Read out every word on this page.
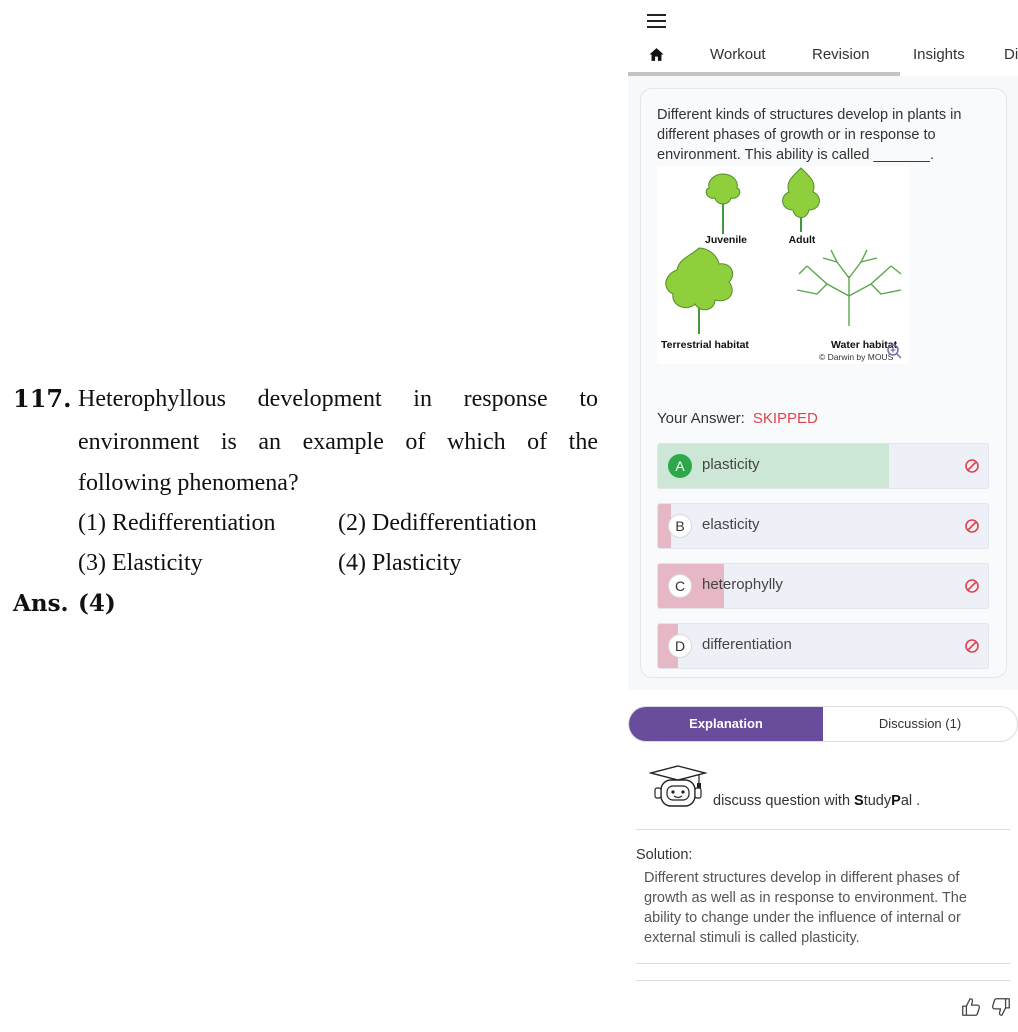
117. Heterophyllous development in response to
environment is an example of which of the
following phenomena?
(1) Redifferentiation	(2) Dedifferentiation
(3) Elasticity	(4) Plasticity
Ans. (4)
Workout	Revision	Insights	Di
Different kinds of structures develop in plants in different phases of growth or in response to environment. This ability is called _______.
Juvenile	Adult
Terrestrial habitat	Water habitat
© Darwin by MOUS
Your Answer: SKIPPED
A	plasticity
B	elasticity
C	heterophylly
D	differentiation
Explanation	Discussion (1)
discuss question with StudyPal .
Solution:
Different structures develop in different phases of growth as well as in response to environment. The ability to change under the influence of internal or external stimuli is called plasticity.
